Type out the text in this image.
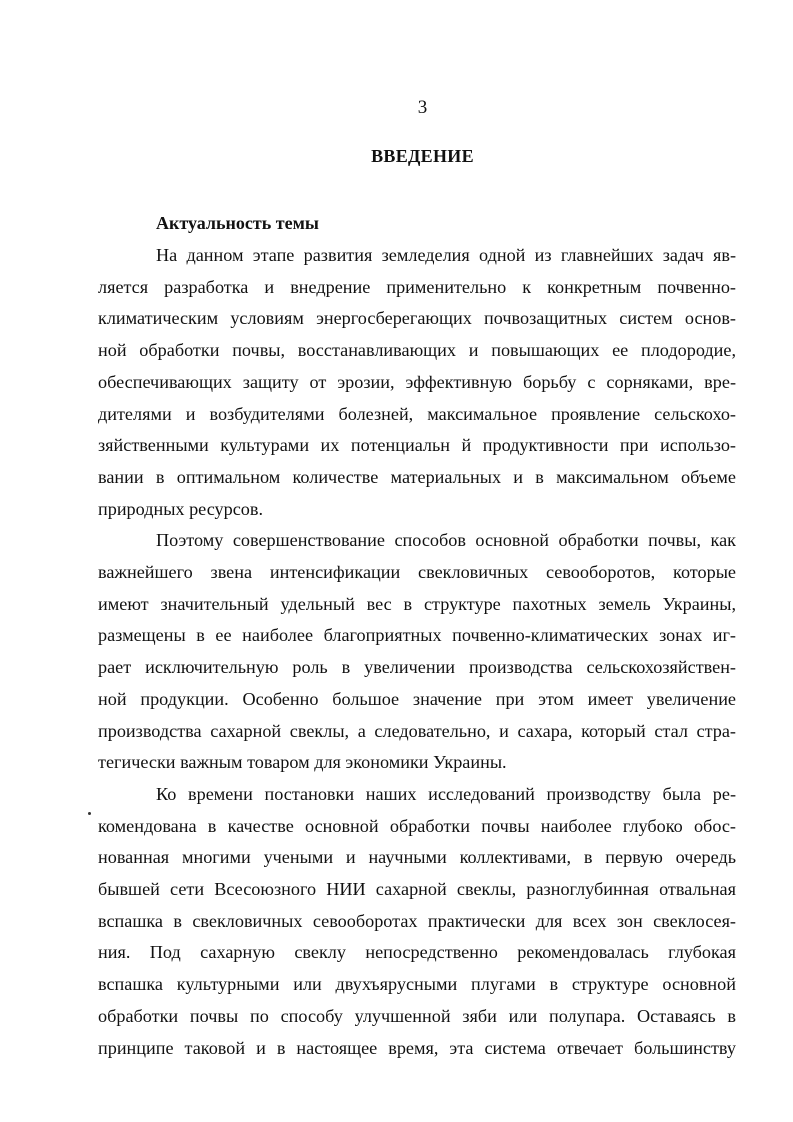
3
ВВЕДЕНИЕ
Актуальность темы
На данном этапе развития земледелия одной из главнейших задач яв-
ляется разработка и внедрение применительно к конкретным почвенно-
климатическим условиям энергосберегающих почвозащитных систем основ-
ной обработки почвы, восстанавливающих и повышающих ее плодородие,
обеспечивающих защиту от эрозии, эффективную борьбу с сорняками, вре-
дителями и возбудителями болезней, максимальное проявление сельскохо-
зяйственными культурами их потенциальн й продуктивности при использо-
вании в оптимальном количестве материальных и в максимальном объеме
природных ресурсов.
Поэтому совершенствование способов основной обработки почвы, как
важнейшего звена интенсификации свекловичных севооборотов, которые
имеют значительный удельный вес в структуре пахотных земель Украины,
размещены в ее наиболее благоприятных почвенно-климатических зонах иг-
рает исключительную роль в увеличении производства сельскохозяйствен-
ной продукции. Особенно большое значение при этом имеет увеличение
производства сахарной свеклы, а следовательно, и сахара, который стал стра-
тегически важным товаром для экономики Украины.
Ко времени постановки наших исследований производству была ре-
комендована в качестве основной обработки почвы наиболее глубоко обос-
нованная многими учеными и научными коллективами, в первую очередь
бывшей сети Всесоюзного НИИ сахарной свеклы, разноглубинная отвальная
вспашка в свекловичных севооборотах практически для всех зон свеклосея-
ния. Под сахарную свеклу непосредственно рекомендовалась глубокая
вспашка культурными или двухъярусными плугами в структуре основной
обработки почвы по способу улучшенной зяби или полупара. Оставаясь в
принципе таковой и в настоящее время, эта система отвечает большинству
